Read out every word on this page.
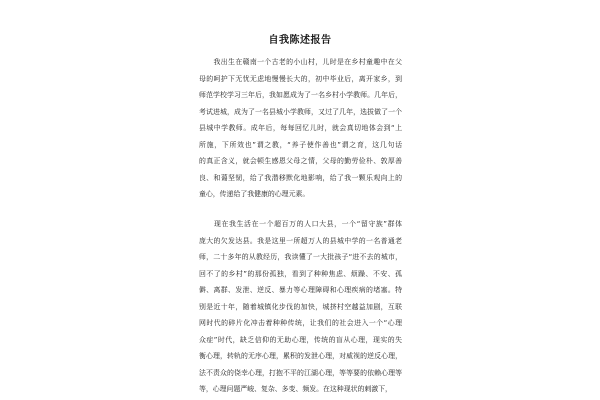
自我陈述报告

　　我出生在赣南一个古老的小山村，儿时是在乡村童趣中在父
母的呵护下无忧无虑地慢慢长大的，初中毕业后，离开家乡，到
师范学校学习三年后，我如愿成为了一名乡村小学教师。几年后，
考试进城，成为了一名县城小学教师，又过了几年，选拔做了一个
县城中学教师。成年后，每每回忆儿时，就会真切地体会到“上
所施，下所效也”谓之教，“养子使作善也”谓之育，这几句话
的真正含义，就会顿生感恩父母之情，父母的勤劳俭朴、敦厚善
良、和蔼坚韧，给了我潜移默化地影响，给了我一颗乐观向上的
童心，传递给了我健康的心理元素。

　　现在我生活在一个超百万的人口大县，一个“留守族”群体
庞大的欠发达县。我是这里一所超万人的县城中学的一名普通老
师，二十多年的从教经历，我读懂了一大批孩子“进不去的城市，
回不了的乡村”的那份孤独，看到了种种焦虑、烦躁、不安、孤
僻、离群、发泄、逆反、暴力等心理障碍和心理疾病的堵塞。特
别是近十年，随着城镇化步伐的加快，城挤村空越益加剧，互联
网时代的碎片化冲击着种种传统，让我们的社会进入一个“心理
众症”时代，缺乏信仰的无助心理，传统的盲从心理，现实的失
衡心理，转轨的无序心理，累积的发泄心理，对威视的逆反心理，
法不责众的侥幸心理，打抱不平的江湖心理，等等要的依赖心理等
等，心理问题严峻、复杂、多变、频发。在这种现状的刺激下，
